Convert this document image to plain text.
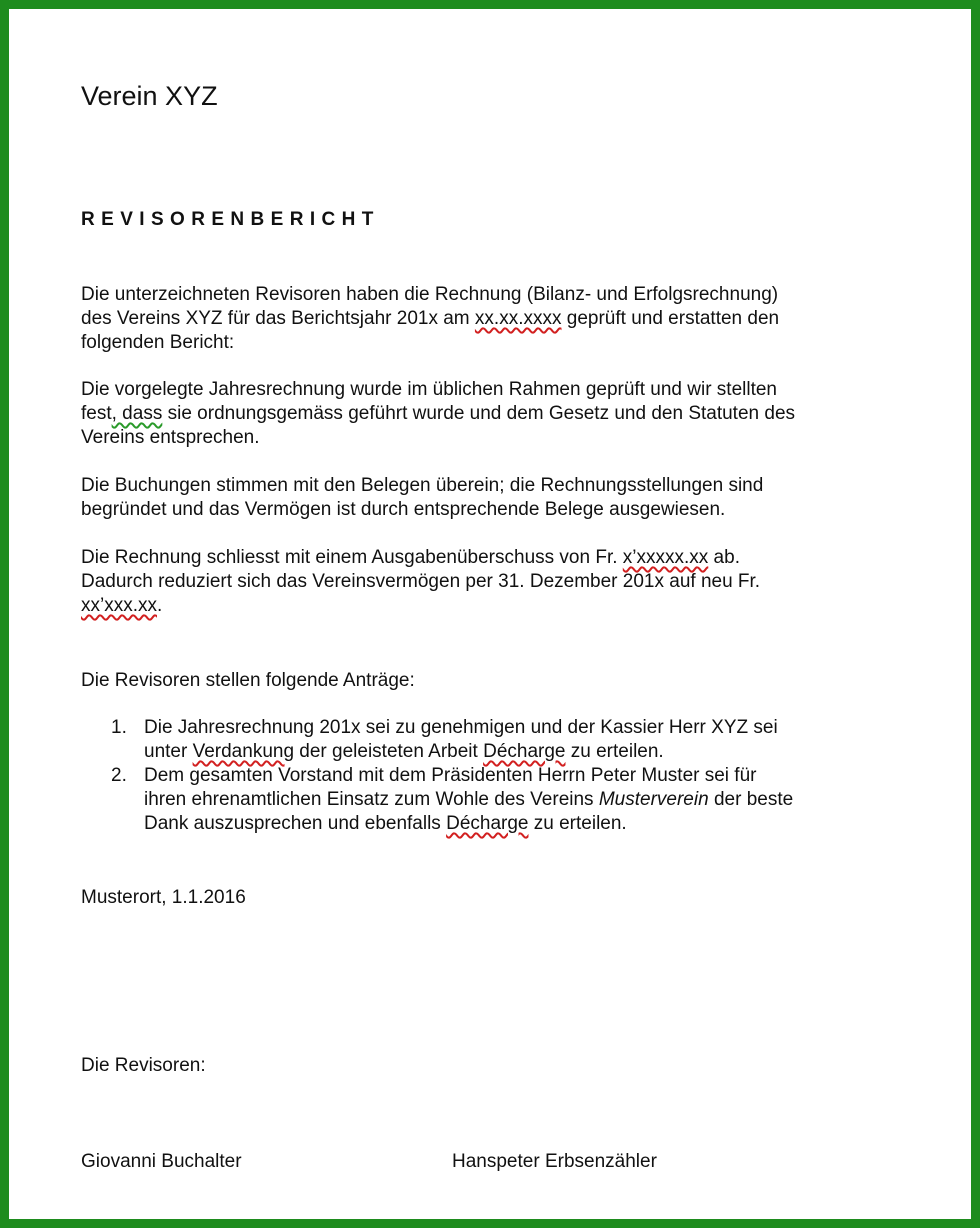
Verein XYZ
REVISORENBERICHT

Die unterzeichneten Revisoren haben die Rechnung (Bilanz- und Erfolgsrechnung)
des Vereins XYZ für das Berichtsjahr 201x am xx.xx.xxxx geprüft und erstatten den
folgenden Bericht:

Die vorgelegte Jahresrechnung wurde im üblichen Rahmen geprüft und wir stellten
fest, dass sie ordnungsgemäss geführt wurde und dem Gesetz und den Statuten des
Vereins entsprechen.

Die Buchungen stimmen mit den Belegen überein; die Rechnungsstellungen sind
begründet und das Vermögen ist durch entsprechende Belege ausgewiesen.

Die Rechnung schliesst mit einem Ausgabenüberschuss von Fr. x’xxxxx.xx ab.
Dadurch reduziert sich das Vereinsvermögen per 31. Dezember 201x auf neu Fr.
xx’xxx.xx.

Die Revisoren stellen folgende Anträge:

1. Die Jahresrechnung 201x sei zu genehmigen und der Kassier Herr XYZ sei
unter Verdankung der geleisteten Arbeit Décharge zu erteilen.
2. Dem gesamten Vorstand mit dem Präsidenten Herrn Peter Muster sei für
ihren ehrenamtlichen Einsatz zum Wohle des Vereins Musterverein der beste
Dank auszusprechen und ebenfalls Décharge zu erteilen.

Musterort, 1.1.2016

Die Revisoren:

Giovanni Buchalter	Hanspeter Erbsenzähler
